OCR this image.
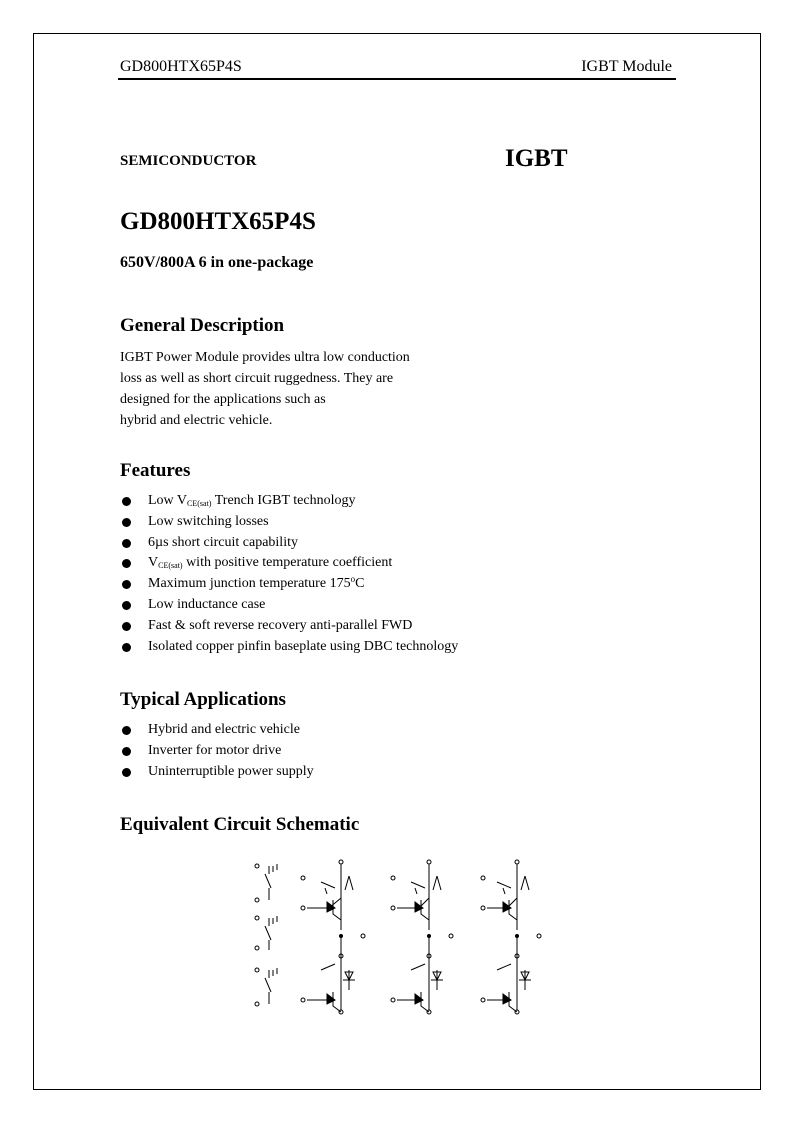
GD800HTX65P4S	IGBT Module
SEMICONDUCTOR	IGBT
GD800HTX65P4S
650V/800A 6 in one-package
General Description
IGBT Power Module provides ultra low conduction
loss as well as short circuit ruggedness. They are
designed for the applications such as
hybrid and electric vehicle.
Features
Low $V_{CE(sat)}$ Trench IGBT technology
Low switching losses
6µs short circuit capability
$V_{CE(sat)}$ with positive temperature coefficient
Maximum junction temperature 175$^o$C
Low inductance case
Fast & soft reverse recovery anti-parallel FWD
Isolated copper pinfin baseplate using DBC technology
Typical Applications
Hybrid and electric vehicle
Inverter for motor drive
Uninterruptible power supply
Equivalent Circuit Schematic
